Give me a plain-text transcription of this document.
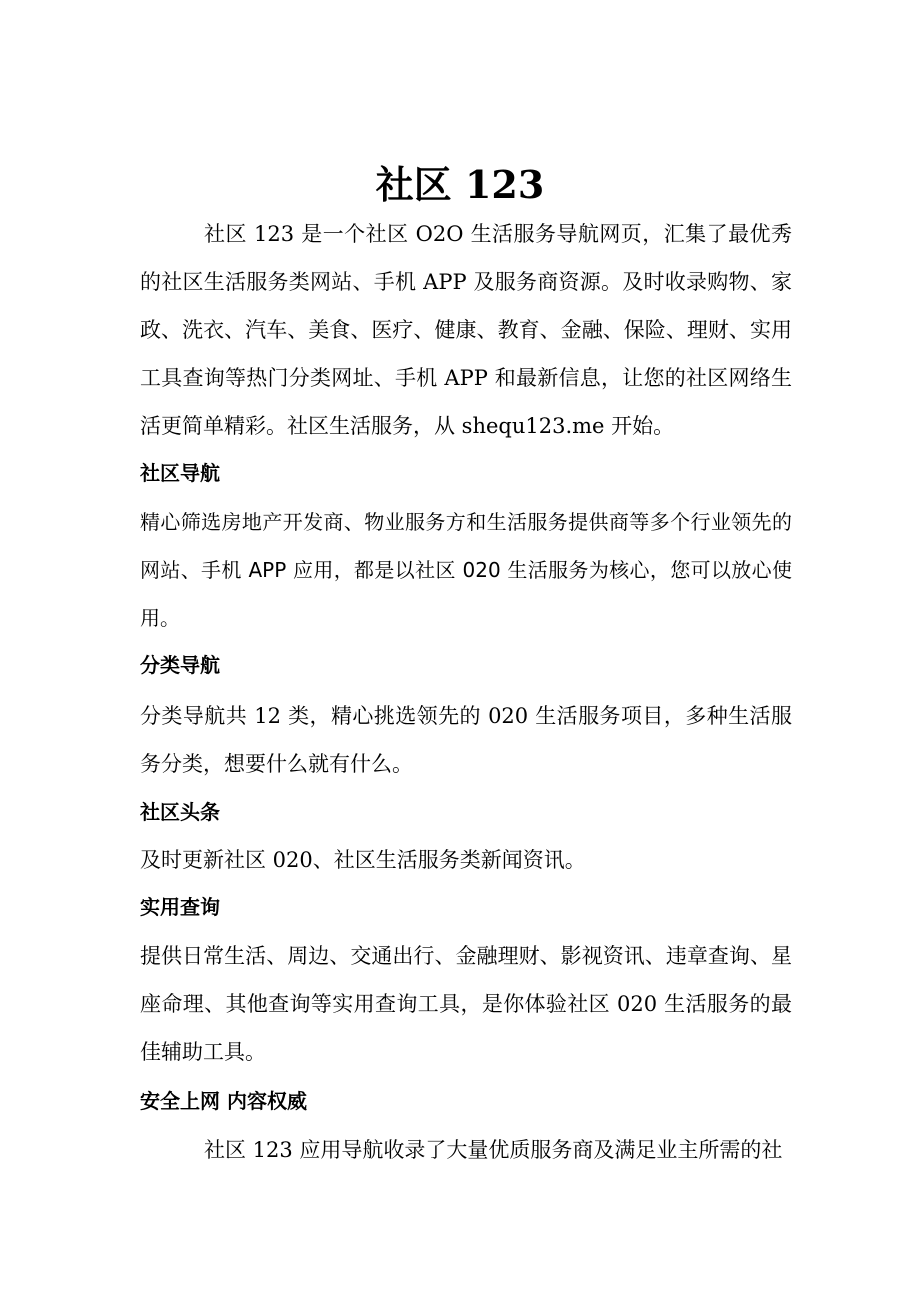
社区 123
社区 123 是一个社区 O2O 生活服务导航网页，汇集了最优秀的社区生活服务类网站、手机 APP 及服务商资源。及时收录购物、家政、洗衣、汽车、美食、医疗、健康、教育、金融、保险、理财、实用工具查询等热门分类网址、手机 APP 和最新信息，让您的社区网络生活更简单精彩。社区生活服务，从 shequ123.me 开始。
社区导航
精心筛选房地产开发商、物业服务方和生活服务提供商等多个行业领先的网站、手机 APP 应用，都是以社区 020 生活服务为核心，您可以放心使用。
分类导航
分类导航共 12 类，精心挑选领先的 020 生活服务项目，多种生活服务分类，想要什么就有什么。
社区头条
及时更新社区 020、社区生活服务类新闻资讯。
实用查询
提供日常生活、周边、交通出行、金融理财、影视资讯、违章查询、星座命理、其他查询等实用查询工具，是你体验社区 020 生活服务的最佳辅助工具。
安全上网 内容权威
社区 123 应用导航收录了大量优质服务商及满足业主所需的社
